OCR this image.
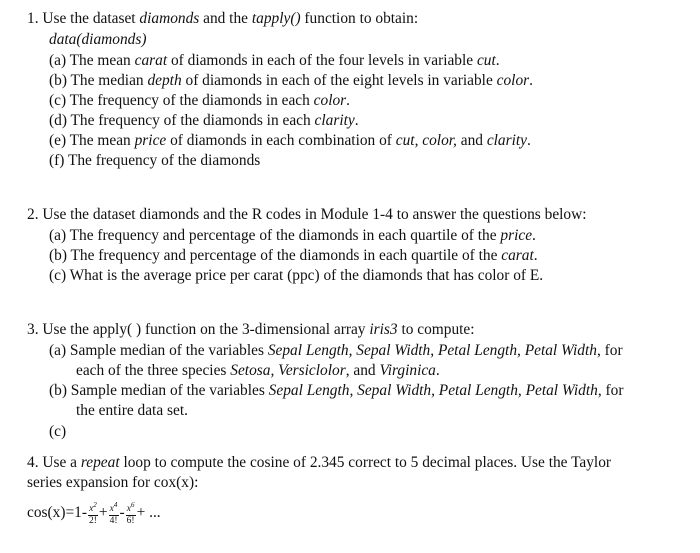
1. Use the dataset diamonds and the tapply() function to obtain:
data(diamonds)
(a) The mean carat of diamonds in each of the four levels in variable cut.
(b) The median depth of diamonds in each of the eight levels in variable color.
(c) The frequency of the diamonds in each color.
(d) The frequency of the diamonds in each clarity.
(e) The mean price of diamonds in each combination of cut, color, and clarity.
(f) The frequency of the diamonds
2. Use the dataset diamonds and the R codes in Module 1-4 to answer the questions below:
(a) The frequency and percentage of the diamonds in each quartile of the price.
(b) The frequency and percentage of the diamonds in each quartile of the carat.
(c) What is the average price per carat (ppc) of the diamonds that has color of E.
3. Use the apply( ) function on the 3-dimensional array iris3 to compute:
(a) Sample median of the variables Sepal Length, Sepal Width, Petal Length, Petal Width, for
each of the three species Setosa, Versiclolor, and Virginica.
(b) Sample median of the variables Sepal Length, Sepal Width, Petal Length, Petal Width, for
the entire data set.
(c)
4. Use a repeat loop to compute the cosine of 2.345 correct to 5 decimal places. Use the Taylor
series expansion for cox(x):
$\cos(x)=1- \frac{x^2}{2!} + \frac{x^4}{4!} - \frac{x^6}{6!}$ + ...
